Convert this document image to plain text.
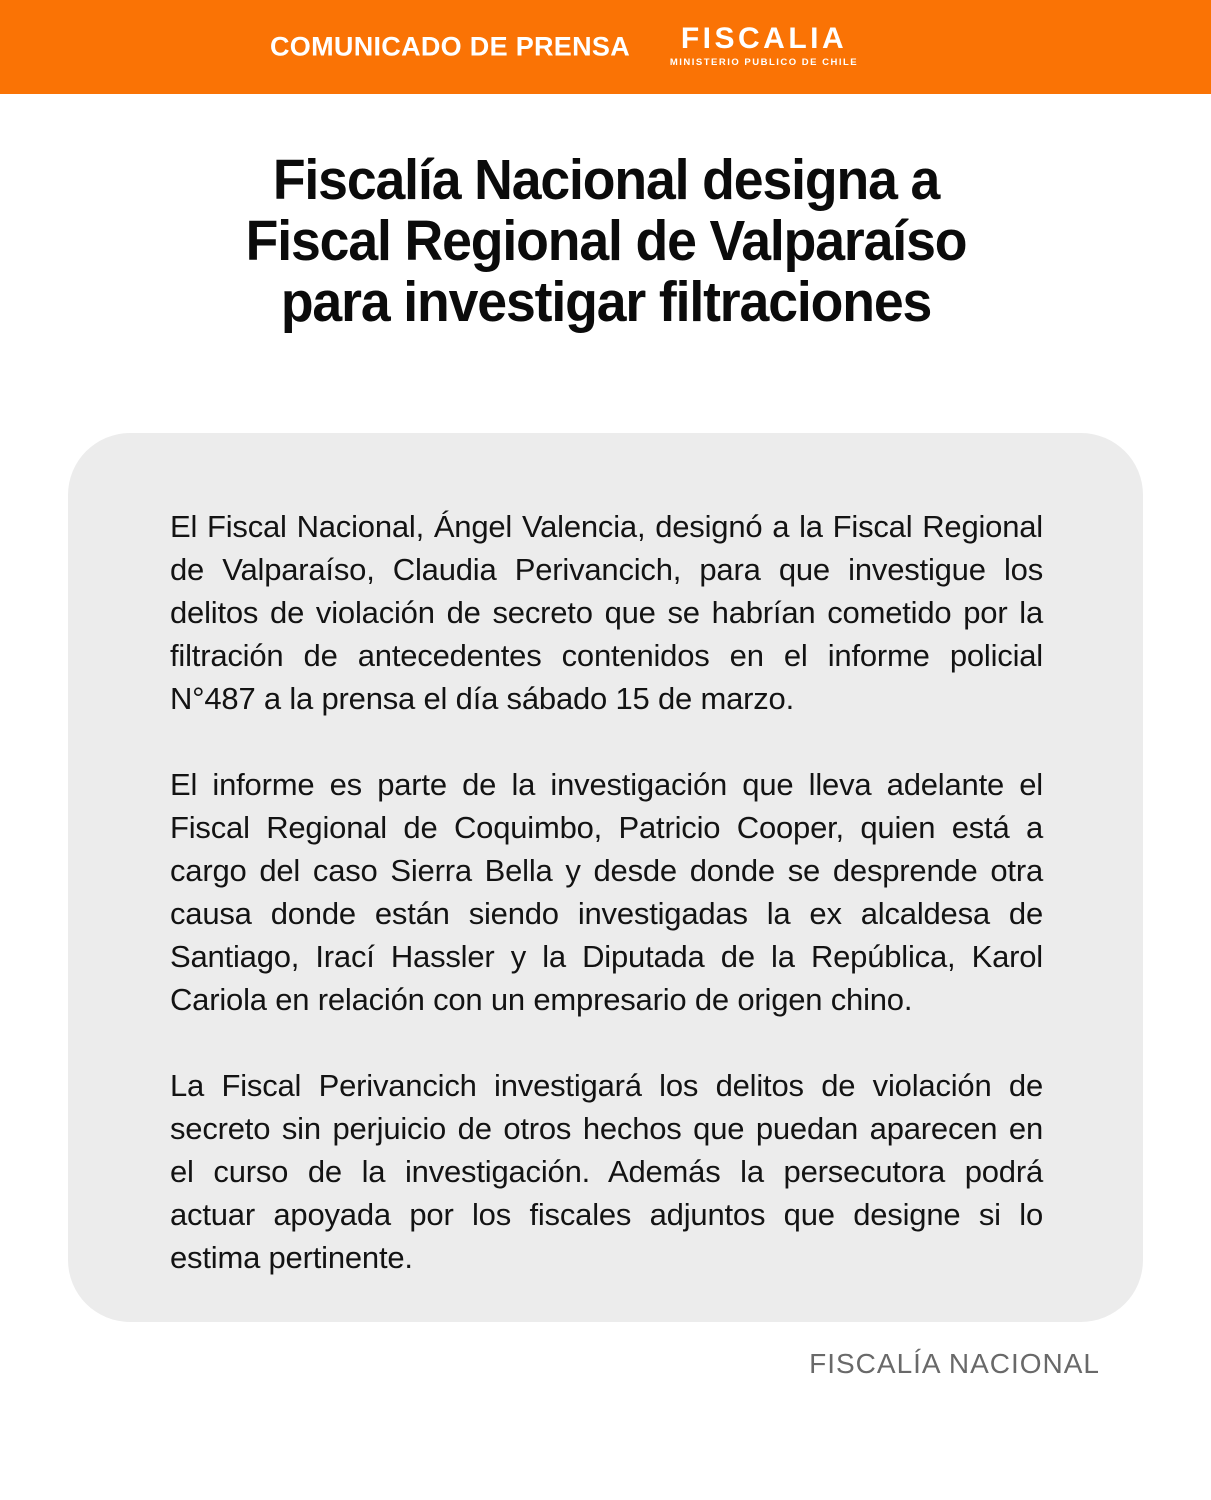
COMUNICADO DE PRENSA	FISCALIA
MINISTERIO PUBLICO DE CHILE
Fiscalía Nacional designa a
Fiscal Regional de Valparaíso
para investigar filtraciones

El Fiscal Nacional, Ángel Valencia, designó a la Fiscal Regional de Valparaíso, Claudia Perivancich, para que investigue los delitos de violación de secreto que se habrían cometido por la filtración de antecedentes contenidos en el informe policial N°487 a la prensa el día sábado 15 de marzo.

El informe es parte de la investigación que lleva adelante el Fiscal Regional de Coquimbo, Patricio Cooper, quien está a cargo del caso Sierra Bella y desde donde se desprende otra causa donde están siendo investigadas la ex alcaldesa de Santiago, Irací Hassler y la Diputada de la República, Karol Cariola en relación con un empresario de origen chino.

La Fiscal Perivancich investigará los delitos de violación de secreto sin perjuicio de otros hechos que puedan aparecen en el curso de la investigación. Además la persecutora podrá actuar apoyada por los fiscales adjuntos que designe si lo estima pertinente.

FISCALÍA NACIONAL
